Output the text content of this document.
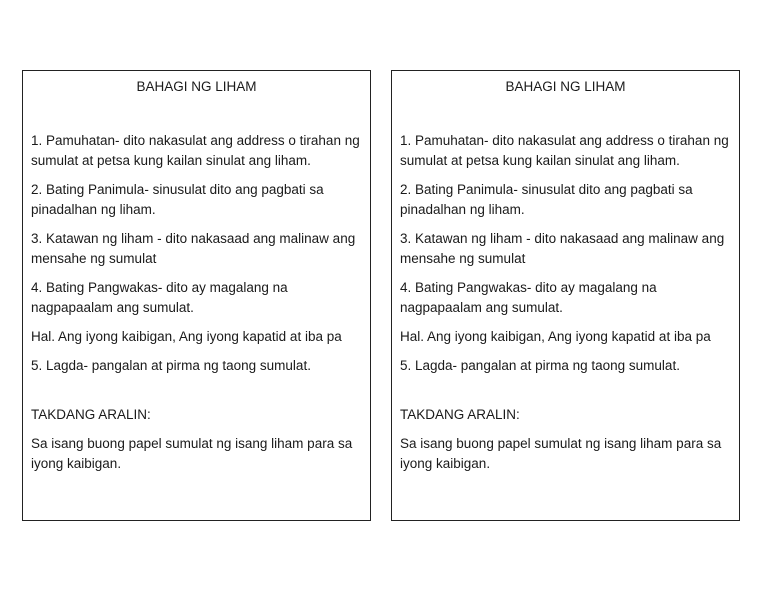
BAHAGI NG LIHAM

1. Pamuhatan- dito nakasulat ang address o tirahan ng sumulat at petsa kung kailan sinulat ang liham.

2. Bating Panimula- sinusulat dito ang pagbati sa pinadalhan ng liham.

3. Katawan ng liham - dito nakasaad ang malinaw ang mensahe ng sumulat

4. Bating Pangwakas- dito ay magalang na nagpapaalam ang sumulat.

Hal. Ang iyong kaibigan, Ang iyong kapatid at iba pa

5. Lagda- pangalan at pirma ng taong sumulat.

TAKDANG ARALIN:

Sa isang buong papel sumulat ng isang liham para sa iyong kaibigan.

BAHAGI NG LIHAM

1. Pamuhatan- dito nakasulat ang address o tirahan ng sumulat at petsa kung kailan sinulat ang liham.

2. Bating Panimula- sinusulat dito ang pagbati sa pinadalhan ng liham.

3. Katawan ng liham - dito nakasaad ang malinaw ang mensahe ng sumulat

4. Bating Pangwakas- dito ay magalang na nagpapaalam ang sumulat.

Hal. Ang iyong kaibigan, Ang iyong kapatid at iba pa

5. Lagda- pangalan at pirma ng taong sumulat.

TAKDANG ARALIN:

Sa isang buong papel sumulat ng isang liham para sa iyong kaibigan.
